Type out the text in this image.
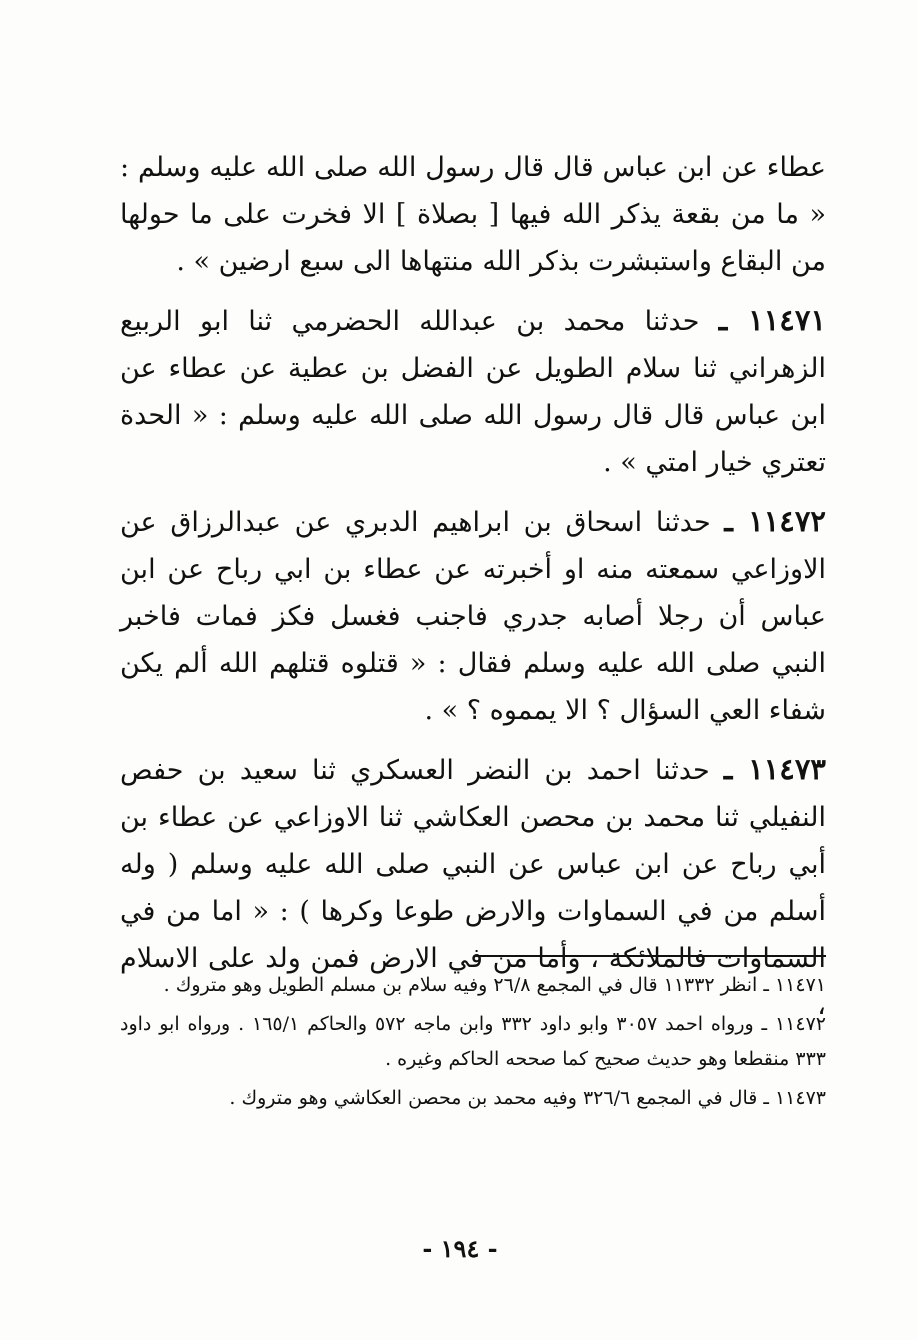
عطاء عن ابن عباس قال قال رسول الله صلى الله عليه وسلم : « ما من بقعة يذكر الله فيها [ بصلاة ] الا فخرت على ما حولها من البقاع واستبشرت بذكر الله منتهاها الى سبع ارضين » .

١١٤٧١ ـ حدثنا محمد بن عبدالله الحضرمي ثنا ابو الربيع الزهراني ثنا سلام الطويل عن الفضل بن عطية عن عطاء عن ابن عباس قال قال رسول الله صلى الله عليه وسلم : « الحدة تعتري خيار امتي » .

١١٤٧٢ ـ حدثنا اسحاق بن ابراهيم الدبري عن عبدالرزاق عن الاوزاعي سمعته منه او أخبرته عن عطاء بن ابي رباح عن ابن عباس أن رجلا أصابه جدري فاجنب فغسل فكز فمات فاخبر النبي صلى الله عليه وسلم فقال : « قتلوه قتلهم الله ألم يكن شفاء العي السؤال ؟ الا يمموه ؟ » .

١١٤٧٣ ـ حدثنا احمد بن النضر العسكري ثنا سعيد بن حفص النفيلي ثنا محمد بن محصن العكاشي ثنا الاوزاعي عن عطاء بن أبي رباح عن ابن عباس عن النبي صلى الله عليه وسلم ( وله أسلم من في السماوات والارض طوعا وكرها ) : « اما من في السماوات فالملائكة ، وأما من في الارض فمن ولد على الاسلام ،

١١٤٧١ ـ انظر ١١٣٣٢ قال في المجمع ٢٦/٨ وفيه سلام بن مسلم الطويل وهو متروك .

١١٤٧٢ ـ ورواه احمد ٣٠٥٧ وابو داود ٣٣٢ وابن ماجه ٥٧٢ والحاكم ١٦٥/١ . ورواه ابو داود ٣٣٣ منقطعا وهو حديث صحيح كما صححه الحاكم وغيره .

١١٤٧٣ ـ قال في المجمع ٣٢٦/٦ وفيه محمد بن محصن العكاشي وهو متروك .

- ١٩٤ -
